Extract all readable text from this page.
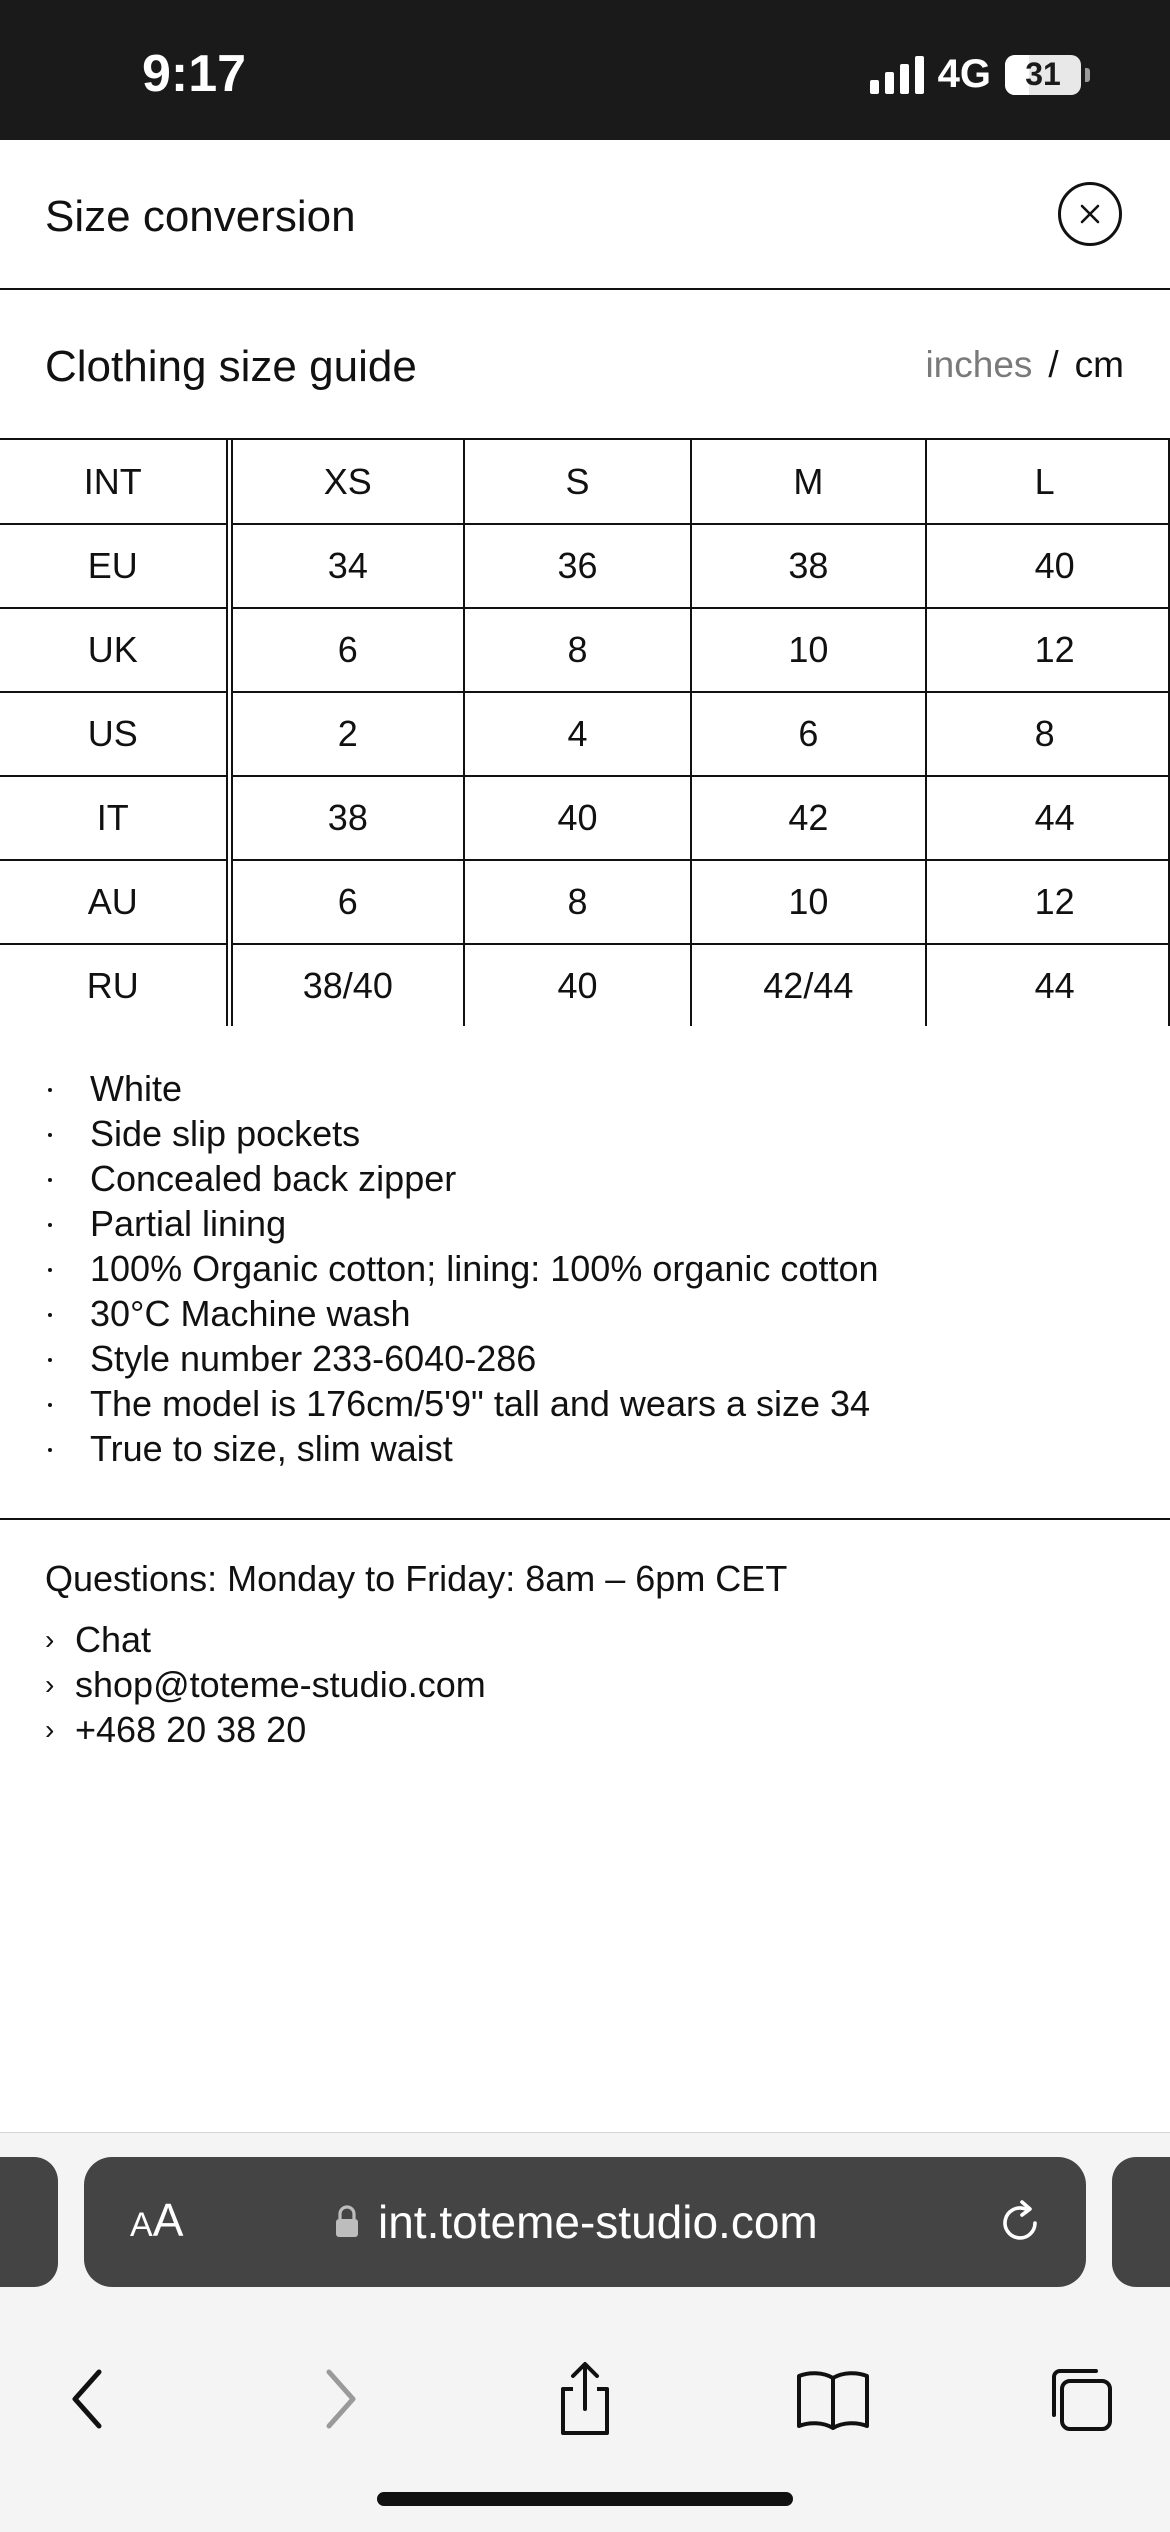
9:17	4G 31
Size conversion
Clothing size guide	inches / cm
INT	XS	S	M	L
EU	34	36	38	40
UK	6	8	10	12
US	2	4	6	8
IT	38	40	42	44
AU	6	8	10	12
RU	38/40	40	42/44	44
White
Side slip pockets
Concealed back zipper
Partial lining
100% Organic cotton; lining: 100% organic cotton
30°C Machine wash
Style number 233-6040-286
The model is 176cm/5'9" tall and wears a size 34
True to size, slim waist
Questions: Monday to Friday: 8am – 6pm CET
› Chat
› shop@toteme-studio.com
› +468 20 38 20
A A	int.toteme-studio.com
